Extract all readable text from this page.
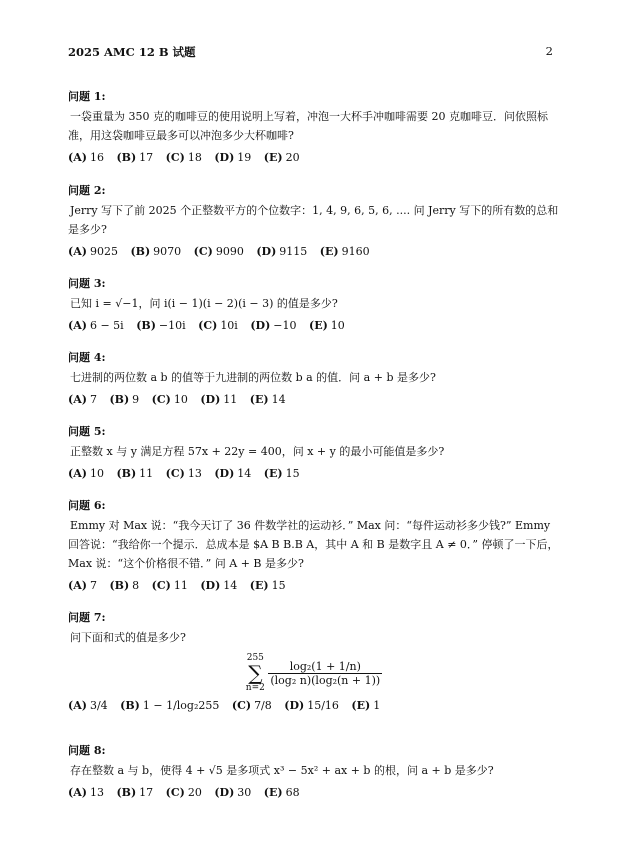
2025 AMC 12 B 试题	2
问题 1:
一袋重量为 350 克的咖啡豆的使用说明上写着，冲泡一大杯手冲咖啡需要 20 克咖啡豆．问依照标准，用这袋咖啡豆最多可以冲泡多少大杯咖啡?
(A) 16 (B) 17 (C) 18 (D) 19 (E) 20
问题 2:
Jerry 写下了前 2025 个正整数平方的个位数字：1, 4, 9, 6, 5, 6, .... 问 Jerry 写下的所有数的总和是多少?
(A) 9025 (B) 9070 (C) 9090 (D) 9115 (E) 9160
问题 3:
已知 i = √−1，问 i(i − 1)(i − 2)(i − 3) 的值是多少?
(A) 6 − 5i (B) −10i (C) 10i (D) −10 (E) 10
问题 4:
七进制的两位数 a b 的值等于九进制的两位数 b a 的值．问 a + b 是多少?
(A) 7 (B) 9 (C) 10 (D) 11 (E) 14
问题 5:
正整数 x 与 y 满足方程 57x + 22y = 400，问 x + y 的最小可能值是多少?
(A) 10 (B) 11 (C) 13 (D) 14 (E) 15
问题 6:
Emmy 对 Max 说：“我今天订了 36 件数学社的运动衫．” Max 问：“每件运动衫多少钱?” Emmy 回答说：“我给你一个提示．总成本是 $A B B.B A，其中 A 和 B 是数字且 A ≠ 0．” 停顿了一下后，Max 说：“这个价格很不错．” 问 A + B 是多少?
(A) 7 (B) 8 (C) 11 (D) 14 (E) 15
问题 7:
问下面和式的值是多少?
255
∑
n=2
$\frac{\text{log₂(1 + 1/n)}}{\text{(log₂ n)(log₂(n + 1))}}$
(A) 3/4 (B) 1 − 1/log₂255 (C) 7/8 (D) 15/16 (E) 1
问题 8:
存在整数 a 与 b，使得 4 + √5 是多项式 x³ − 5x² + ax + b 的根，问 a + b 是多少?
(A) 13 (B) 17 (C) 20 (D) 30 (E) 68
